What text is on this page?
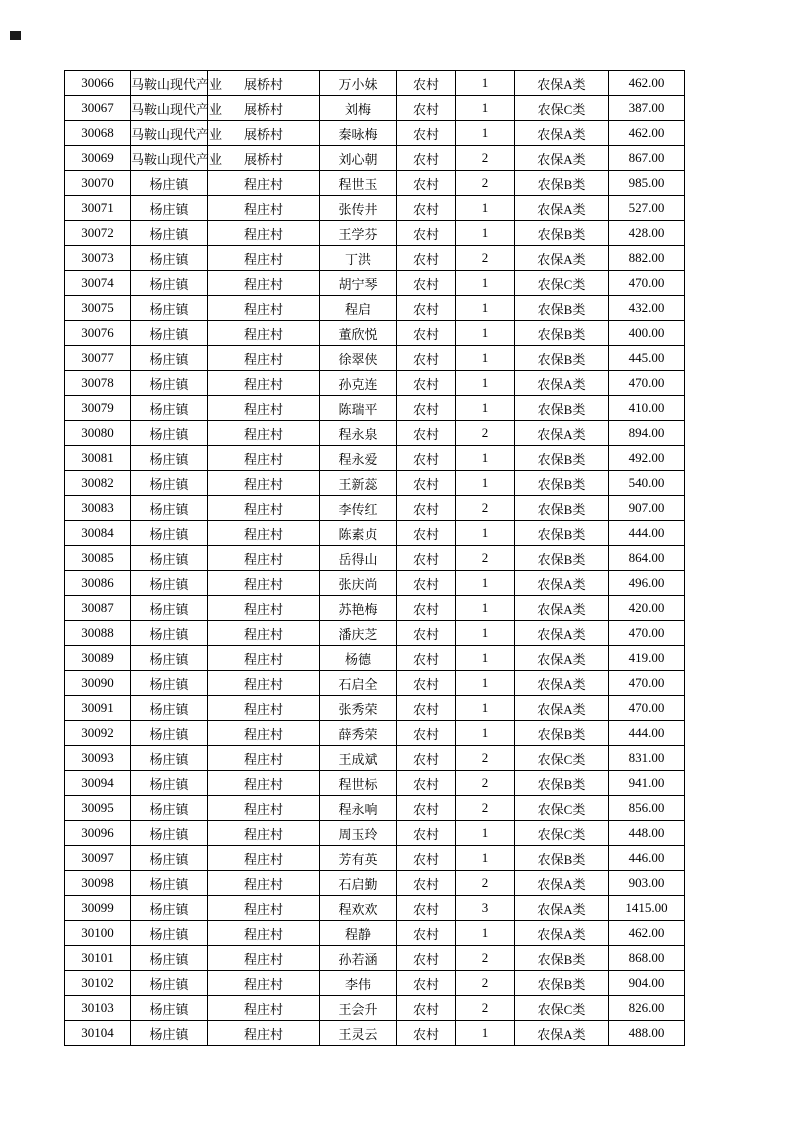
30066	马鞍山现代产业	展桥村	万小妹	农村	1	农保A类	462.00
30067	马鞍山现代产业	展桥村	刘梅	农村	1	农保C类	387.00
30068	马鞍山现代产业	展桥村	秦咏梅	农村	1	农保A类	462.00
30069	马鞍山现代产业	展桥村	刘心朝	农村	2	农保A类	867.00
30070	杨庄镇	程庄村	程世玉	农村	2	农保B类	985.00
30071	杨庄镇	程庄村	张传井	农村	1	农保A类	527.00
30072	杨庄镇	程庄村	王学芬	农村	1	农保B类	428.00
30073	杨庄镇	程庄村	丁洪	农村	2	农保A类	882.00
30074	杨庄镇	程庄村	胡宁琴	农村	1	农保C类	470.00
30075	杨庄镇	程庄村	程启	农村	1	农保B类	432.00
30076	杨庄镇	程庄村	董欣悦	农村	1	农保B类	400.00
30077	杨庄镇	程庄村	徐翠侠	农村	1	农保B类	445.00
30078	杨庄镇	程庄村	孙克连	农村	1	农保A类	470.00
30079	杨庄镇	程庄村	陈瑞平	农村	1	农保B类	410.00
30080	杨庄镇	程庄村	程永泉	农村	2	农保A类	894.00
30081	杨庄镇	程庄村	程永爱	农村	1	农保B类	492.00
30082	杨庄镇	程庄村	王新蕊	农村	1	农保B类	540.00
30083	杨庄镇	程庄村	李传红	农村	2	农保B类	907.00
30084	杨庄镇	程庄村	陈素贞	农村	1	农保B类	444.00
30085	杨庄镇	程庄村	岳得山	农村	2	农保B类	864.00
30086	杨庄镇	程庄村	张庆尚	农村	1	农保A类	496.00
30087	杨庄镇	程庄村	苏艳梅	农村	1	农保A类	420.00
30088	杨庄镇	程庄村	潘庆芝	农村	1	农保A类	470.00
30089	杨庄镇	程庄村	杨德	农村	1	农保A类	419.00
30090	杨庄镇	程庄村	石启全	农村	1	农保A类	470.00
30091	杨庄镇	程庄村	张秀荣	农村	1	农保A类	470.00
30092	杨庄镇	程庄村	薛秀荣	农村	1	农保B类	444.00
30093	杨庄镇	程庄村	王成斌	农村	2	农保C类	831.00
30094	杨庄镇	程庄村	程世标	农村	2	农保B类	941.00
30095	杨庄镇	程庄村	程永响	农村	2	农保C类	856.00
30096	杨庄镇	程庄村	周玉玲	农村	1	农保C类	448.00
30097	杨庄镇	程庄村	芳有英	农村	1	农保B类	446.00
30098	杨庄镇	程庄村	石启勤	农村	2	农保A类	903.00
30099	杨庄镇	程庄村	程欢欢	农村	3	农保A类	1415.00
30100	杨庄镇	程庄村	程静	农村	1	农保A类	462.00
30101	杨庄镇	程庄村	孙若涵	农村	2	农保B类	868.00
30102	杨庄镇	程庄村	李伟	农村	2	农保B类	904.00
30103	杨庄镇	程庄村	王会升	农村	2	农保C类	826.00
30104	杨庄镇	程庄村	王灵云	农村	1	农保A类	488.00
